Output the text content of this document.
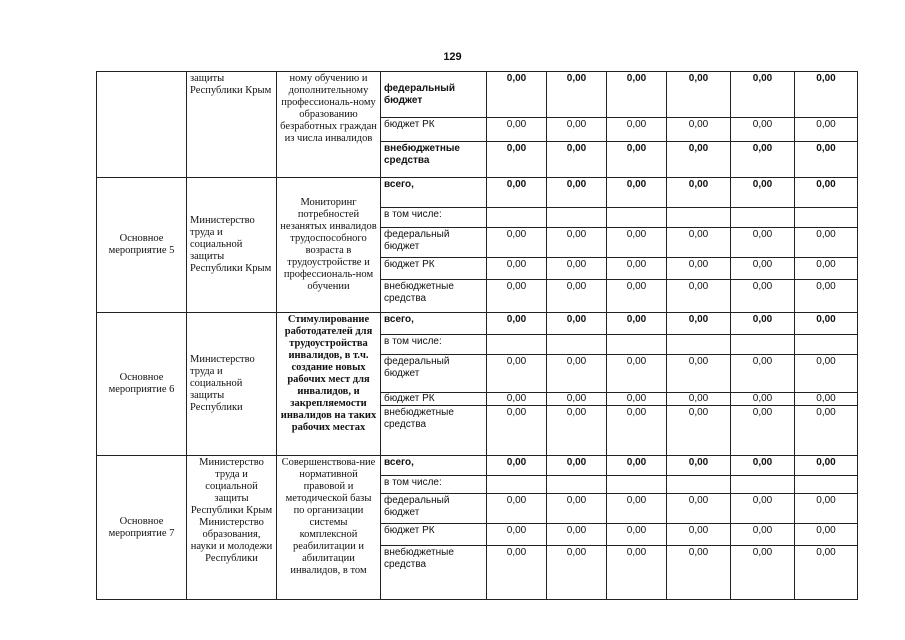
129
	защиты Республики Крым	ному обучению и дополнительному профессиональ-ному образованию безработных граждан из числа инвалидов	федеральный бюджет	0,00	0,00	0,00	0,00	0,00	0,00
			бюджет РК	0,00	0,00	0,00	0,00	0,00	0,00
			внебюджетные средства	0,00	0,00	0,00	0,00	0,00	0,00
Основное мероприятие 5	Министерство труда и социальной защиты Республики Крым	Мониторинг потребностей незанятых инвалидов трудоспособного возраста в трудоустройстве и профессиональ-ном обучении	всего,	0,00	0,00	0,00	0,00	0,00	0,00
			в том числе:						
			федеральный бюджет	0,00	0,00	0,00	0,00	0,00	0,00
			бюджет РК	0,00	0,00	0,00	0,00	0,00	0,00
			внебюджетные средства	0,00	0,00	0,00	0,00	0,00	0,00
Основное мероприятие 6	Министерство труда и социальной защиты Республики	Стимулирование работодателей для трудоустройства инвалидов, в т.ч. создание новых рабочих мест для инвалидов, и закрепляемости инвалидов на таких рабочих местах	всего,	0,00	0,00	0,00	0,00	0,00	0,00
			в том числе:						
			федеральный бюджет	0,00	0,00	0,00	0,00	0,00	0,00
			бюджет РК	0,00	0,00	0,00	0,00	0,00	0,00
			внебюджетные средства	0,00	0,00	0,00	0,00	0,00	0,00
Основное мероприятие 7	Министерство труда и социальной защиты Республики Крым Министерство образования, науки и молодежи Республики	Совершенствова-ние нормативной правовой и методической базы по организации системы комплексной реабилитации и абилитации инвалидов, в том	всего,	0,00	0,00	0,00	0,00	0,00	0,00
			в том числе:						
			федеральный бюджет	0,00	0,00	0,00	0,00	0,00	0,00
			бюджет РК	0,00	0,00	0,00	0,00	0,00	0,00
			внебюджетные средства	0,00	0,00	0,00	0,00	0,00	0,00
